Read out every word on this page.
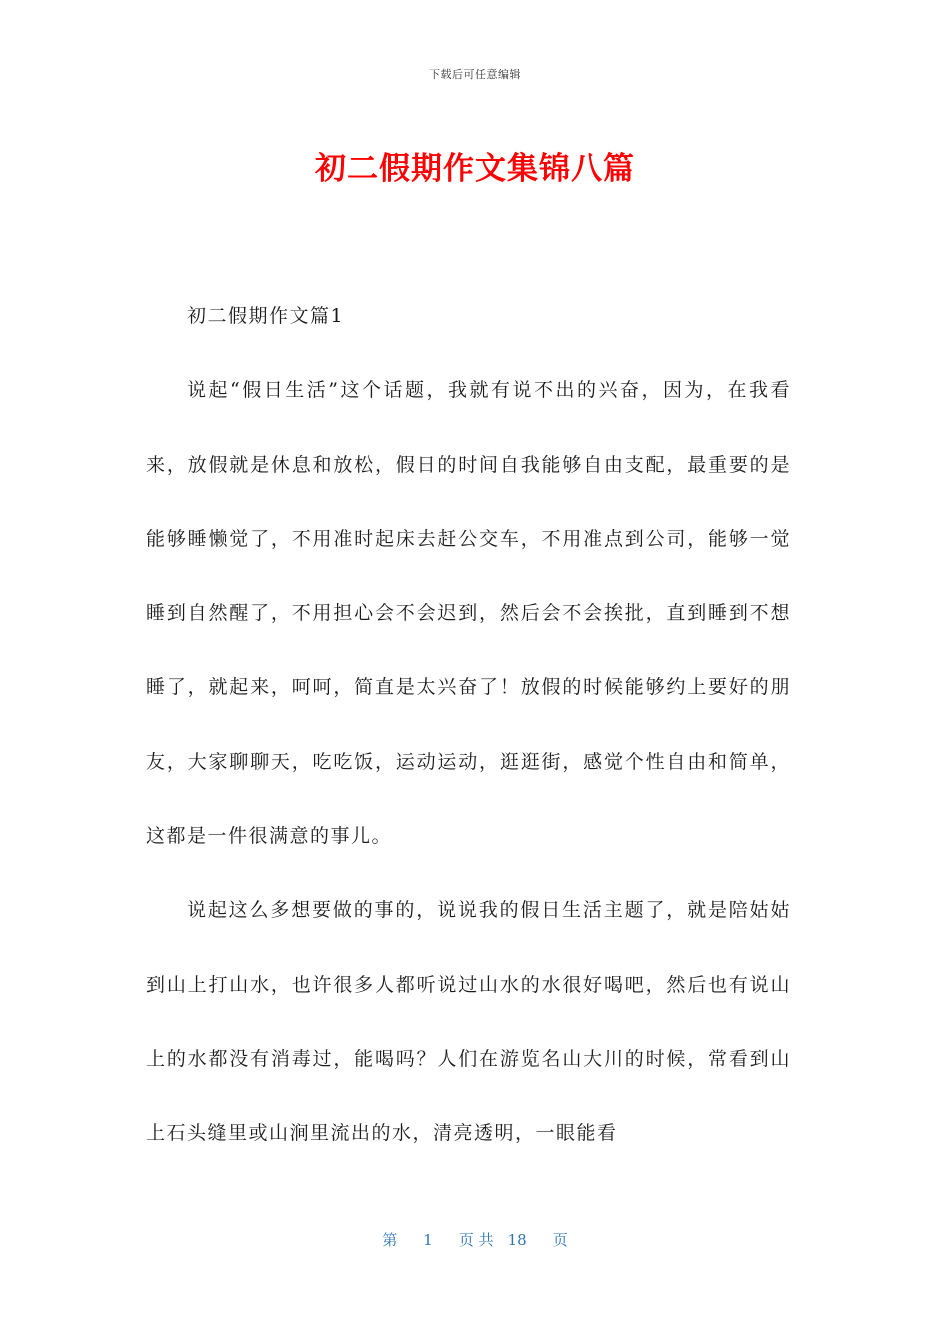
下载后可任意编辑
初二假期作文集锦八篇

初二假期作文篇1

说起“假日生活”这个话题，我就有说不出的兴奋，因为，在我看来，放假就是休息和放松，假日的时间自我能够自由支配，最重要的是能够睡懒觉了，不用准时起床去赶公交车，不用准点到公司，能够一觉睡到自然醒了，不用担心会不会迟到，然后会不会挨批，直到睡到不想睡了，就起来，呵呵，简直是太兴奋了！放假的时候能够约上要好的朋友，大家聊聊天，吃吃饭，运动运动，逛逛街，感觉个性自由和简单，这都是一件很满意的事儿。

说起这么多想要做的事的，说说我的假日生活主题了，就是陪姑姑到山上打山水，也许很多人都听说过山水的水很好喝吧，然后也有说山上的水都没有消毒过，能喝吗？人们在游览名山大川的时候，常看到山上石头缝里或山涧里流出的水，清亮透明，一眼能看

第 1 页 共 18 页
